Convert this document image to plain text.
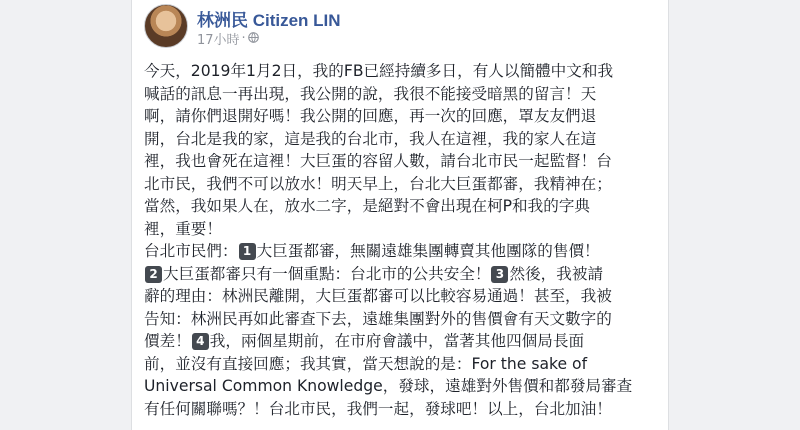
林洲民 Citizen LIN
17小時 ·
今天，2019年1月2日，我的FB已經持續多日，有人以簡體中文和我
喊話的訊息一再出現，我公開的說，我很不能接受暗黑的留言！天
啊，請你們退開好嗎！我公開的回應，再一次的回應，罩友友們退
開，台北是我的家，這是我的台北市，我人在這裡，我的家人在這
裡，我也會死在這裡！大巨蛋的容留人數，請台北市民一起監督！台
北市民，我們不可以放水！明天早上，台北大巨蛋都審，我精神在；
當然，我如果人在，放水二字，是絕對不會出現在柯P和我的字典
裡，重要！
台北市民們： 1 大巨蛋都審，無關遠雄集團轉賣其他團隊的售價！
2 大巨蛋都審只有一個重點：台北市的公共安全！ 3 然後，我被請
辭的理由：林洲民離開，大巨蛋都審可以比較容易通過！甚至，我被
告知：林洲民再如此審查下去，遠雄集團對外的售價會有天文數字的
價差！ 4 我，兩個星期前，在市府會議中，當著其他四個局長面
前，並沒有直接回應；我其實，當天想說的是：For the sake of
Universal Common Knowledge，發球，遠雄對外售價和都發局審查
有任何關聯嗎？！台北市民，我們一起，發球吧！以上，台北加油！
